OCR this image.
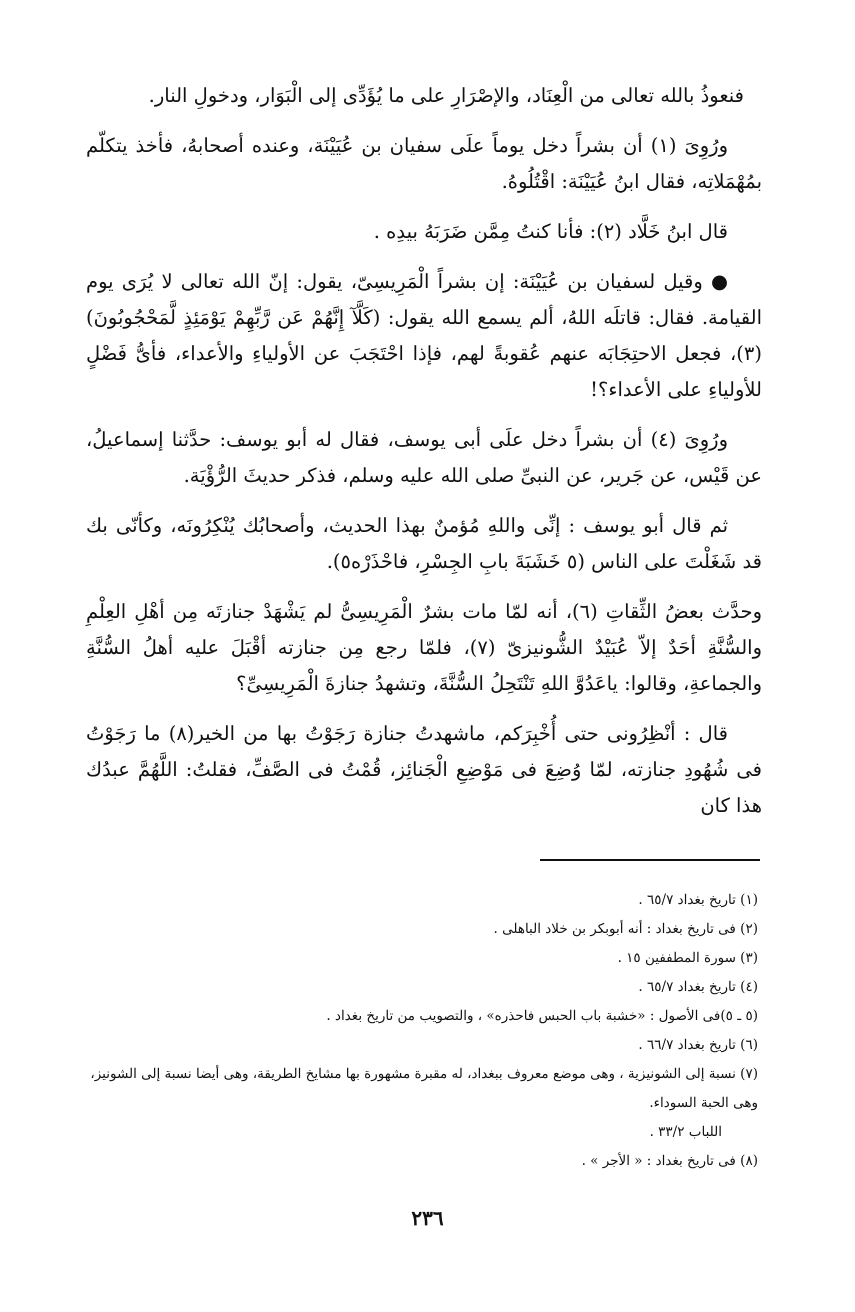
فنعوذُ بالله تعالى من الْعِنَاد، والإصْرَارِ على ما يُؤَدِّى إلى الْبَوَار، ودخولِ النار.

ورُوِىَ (١) أن بشراً دخل يوماً علَى سفيان بن عُيَيْنَة، وعنده أصحابهُ، فأخذ يتكلّم بمُهْمَلاتِه، فقال ابنُ عُيَيْنَة: اقْتُلُوهُ.

قال ابنُ خَلَّاد (٢): فأنا كنتُ مِمَّن ضَرَبَهُ بيدِه .

● وقيل لسفيان بن عُيَيْنَة: إن بشراً الْمَرِيسِىّ، يقول: إنّ الله تعالى لا يُرَى يوم القيامة. فقال: قاتلَه اللهُ، ألم يسمع الله يقول: (كَلَّآ إِنَّهُمْ عَن رَّبِّهِمْ يَوْمَئِذٍ لَّمَحْجُوبُونَ)(٣)، فجعل الاحتِجَابَه عنهم عُقوبةً لهم، فإذا احْتَجَبَ عن الأولياءِ والأعداء، فأىُّ فَضْلٍ للأولياءِ على الأعداء؟!

ورُوِىَ (٤) أن بشراً دخل علَى أبى يوسف، فقال له أبو يوسف: حدَّثنا إسماعيلُ، عن قَيْس، عن جَرير، عن النبىِّ صلى الله عليه وسلم، فذكر حديثَ الرُّؤْيَة.

ثم قال أبو يوسف : إنِّى واللهِ مُؤمنٌ بهذا الحديث، وأصحابُك يُنْكِرُونَه، وكأنّى بك قد شَغَلْتَ على الناس (٥ خَشَبَةَ بابِ الجِسْرِ، فاحْذَرْه٥).

وحدَّث بعضُ الثِّقاتِ (٦)، أنه لمّا مات بشرٌ الْمَرِيسِىُّ لم يَشْهَدْ جنازتَه مِن أهْلِ العِلْمِ والسُّنَّةِ أحَدٌ إلاّ عُبَيْدٌ الشُّونيزىّ (٧)، فلمّا رجع مِن جنازته أقْبَلَ عليه أهلُ السُّنَّةِ والجماعةِ، وقالوا: ياعَدُوَّ اللهِ تَنْتَحِلُ السُّنَّةَ، وتشهدُ جنازةَ الْمَرِيسِىِّ؟

قال : أنْظِرُونى حتى أُخْبِرَكم، ماشهدتُ جنازة رَجَوْتُ بها من الخير(٨) ما رَجَوْتُ فى شُهُودِ جنازته، لمّا وُضِعَ فى مَوْضِعِ الْجَنائِز، قُمْتُ فى الصَّفِّ، فقلتُ: اللَّهُمَّ عبدُك هذا كان

(١) تاريخ بغداد ٦٥/٧ .

(٢) فى تاريخ بغداد : أنه أبوبكر بن خلاد الباهلى .

(٣) سورة المطففين ١٥ .

(٤) تاريخ بغداد ٦٥/٧ .

(٥ ـ ٥)فى الأصول : «خشبة باب الحبس فاحذره» ، والتصويب من تاريخ بغداد .

(٦) تاريخ بغداد ٦٦/٧ .

(٧) نسبة إلى الشونيزية ، وهى موضع معروف ببغداد، له مقبرة مشهورة بها مشايخ الطريقة، وهى أيضا نسبة إلى الشونيز،

وهى الحبة السوداء.

اللباب ٣٣/٢ .

(٨) فى تاريخ بغداد : « الأجر » .

٢٣٦
